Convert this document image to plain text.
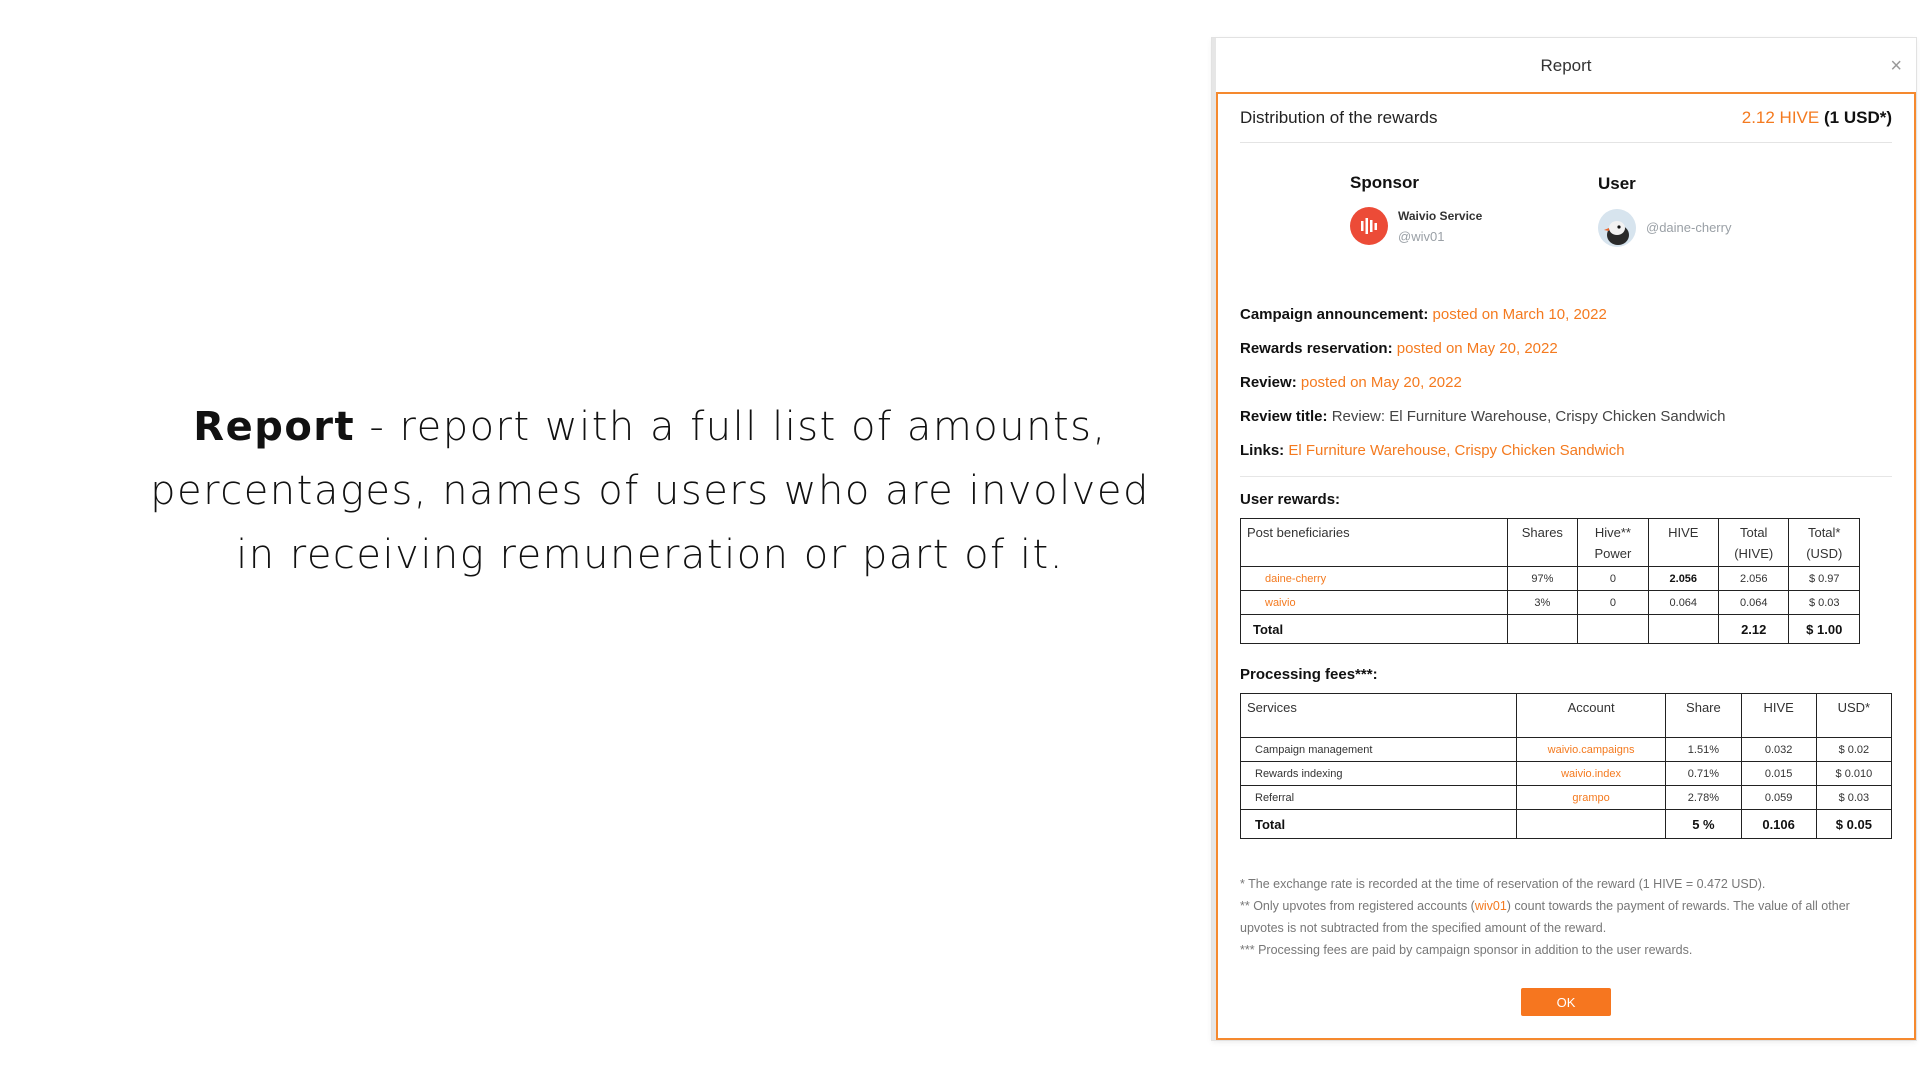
Report - report with a full list of amounts, percentages, names of users who are involved in receiving remuneration or part of it.
Report	×
Distribution of the rewards	2.12 HIVE (1 USD*)
Sponsor
Waivio Service
@wiv01
User
@daine-cherry
Campaign announcement: posted on March 10, 2022
Rewards reservation: posted on May 20, 2022
Review: posted on May 20, 2022
Review title: Review: El Furniture Warehouse, Crispy Chicken Sandwich
Links: El Furniture Warehouse, Crispy Chicken Sandwich
User rewards:
Post beneficiaries	Shares	Hive** Power	HIVE	Total (HIVE)	Total* (USD)
daine-cherry	97%	0	2.056	2.056	$ 0.97
waivio	3%	0	0.064	0.064	$ 0.03
Total				2.12	$ 1.00
Processing fees***:
Services	Account	Share	HIVE	USD*
Campaign management	waivio.campaigns	1.51%	0.032	$ 0.02
Rewards indexing	waivio.index	0.71%	0.015	$ 0.010
Referral	grampo	2.78%	0.059	$ 0.03
Total		5 %	0.106	$ 0.05
* The exchange rate is recorded at the time of reservation of the reward (1 HIVE = 0.472 USD).
** Only upvotes from registered accounts (wiv01) count towards the payment of rewards. The value of all other upvotes is not subtracted from the specified amount of the reward.
*** Processing fees are paid by campaign sponsor in addition to the user rewards.
OK
